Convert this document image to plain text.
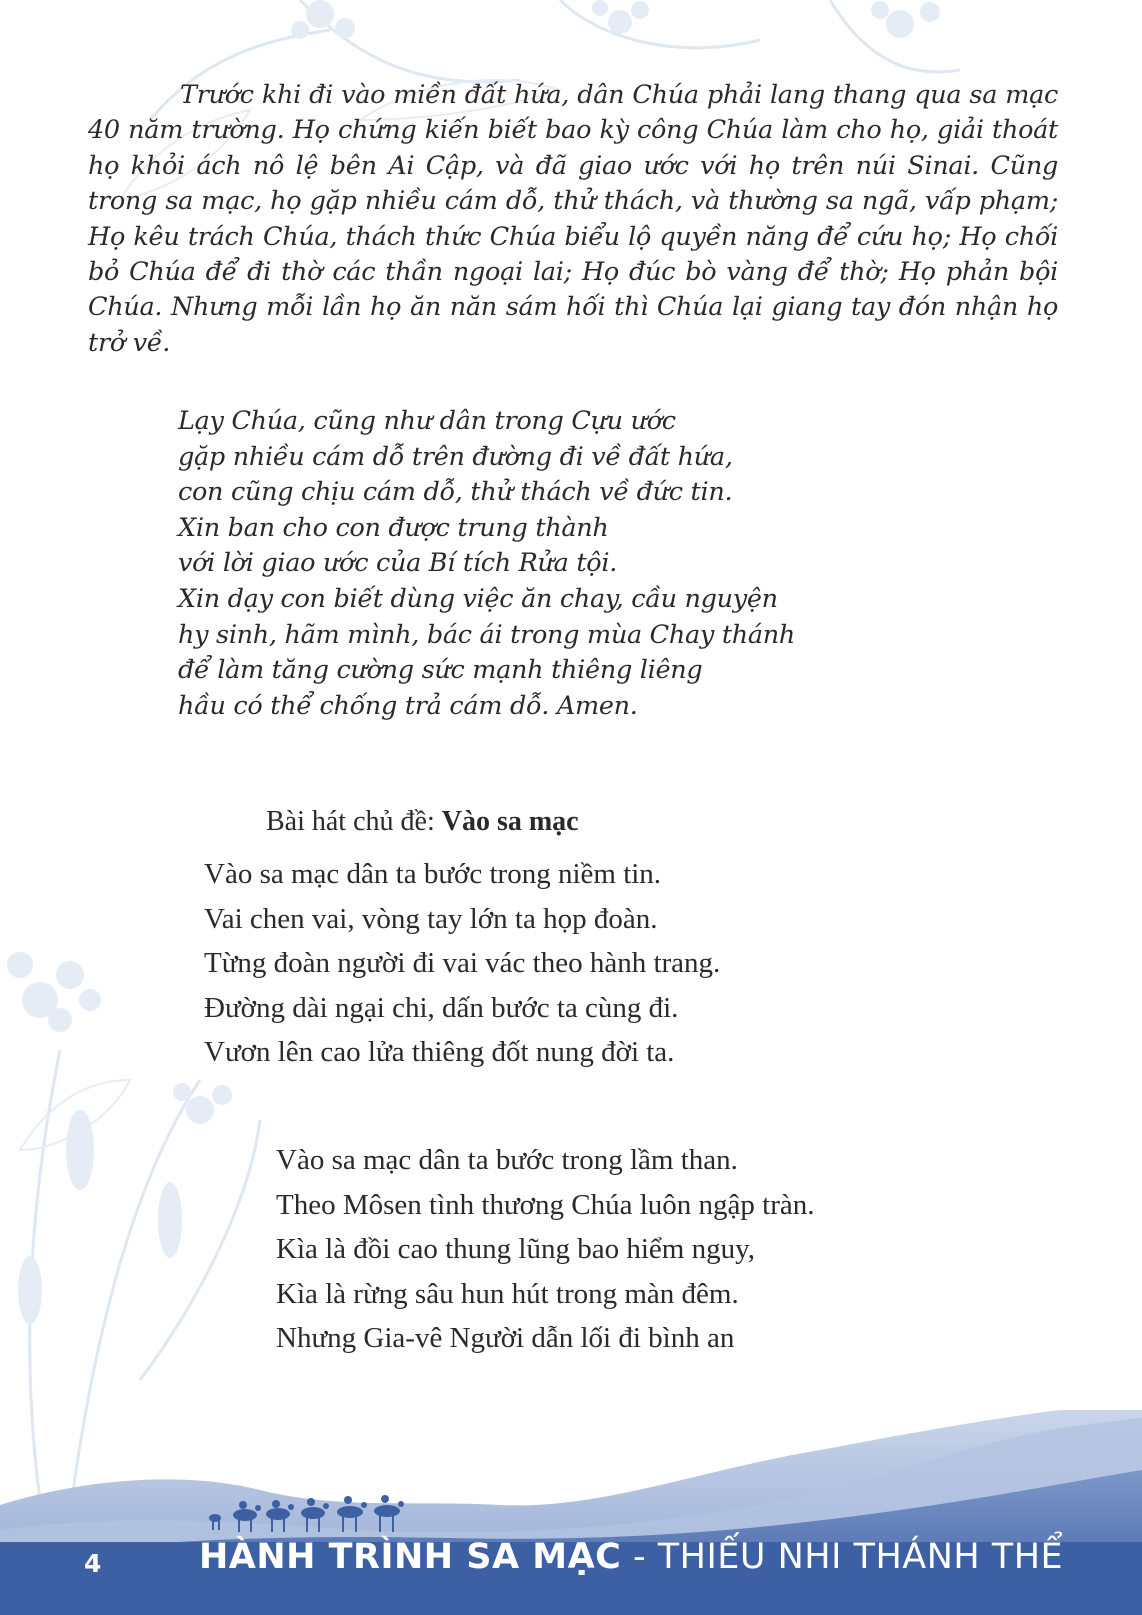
Trước khi đi vào miền đất hứa, dân Chúa phải lang thang qua sa mạc 40 năm trường. Họ chứng kiến biết bao kỳ công Chúa làm cho họ, giải thoát họ khỏi ách nô lệ bên Ai Cập, và đã giao ước với họ trên núi Sinai. Cũng trong sa mạc, họ gặp nhiều cám dỗ, thử thách, và thường sa ngã, vấp phạm; Họ kêu trách Chúa, thách thức Chúa biểu lộ quyền năng để cứu họ; Họ chối bỏ Chúa để đi thờ các thần ngoại lai; Họ đúc bò vàng để thờ; Họ phản bội Chúa. Nhưng mỗi lần họ ăn năn sám hối thì Chúa lại giang tay đón nhận họ trở về.

Lạy Chúa, cũng như dân trong Cựu ước
gặp nhiều cám dỗ trên đường đi về đất hứa,
con cũng chịu cám dỗ, thử thách về đức tin.
Xin ban cho con được trung thành
với lời giao ước của Bí tích Rửa tội.
Xin dạy con biết dùng việc ăn chay, cầu nguyện
hy sinh, hãm mình, bác ái trong mùa Chay thánh
để làm tăng cường sức mạnh thiêng liêng
hầu có thể chống trả cám dỗ. Amen.
Bài hát chủ đề: Vào sa mạc
Vào sa mạc dân ta bước trong niềm tin.
Vai chen vai, vòng tay lớn ta họp đoàn.
Từng đoàn người đi vai vác theo hành trang.
Đường dài ngại chi, dấn bước ta cùng đi.
Vươn lên cao lửa thiêng đốt nung đời ta.
Vào sa mạc dân ta bước trong lầm than.
Theo Môsen tình thương Chúa luôn ngập tràn.
Kìa là đồi cao thung lũng bao hiểm nguy,
Kìa là rừng sâu hun hút trong màn đêm.
Nhưng Gia-vê Người dẫn lối đi bình an
4	HÀNH TRÌNH SA MẠC - THIẾU NHI THÁNH THỂ
